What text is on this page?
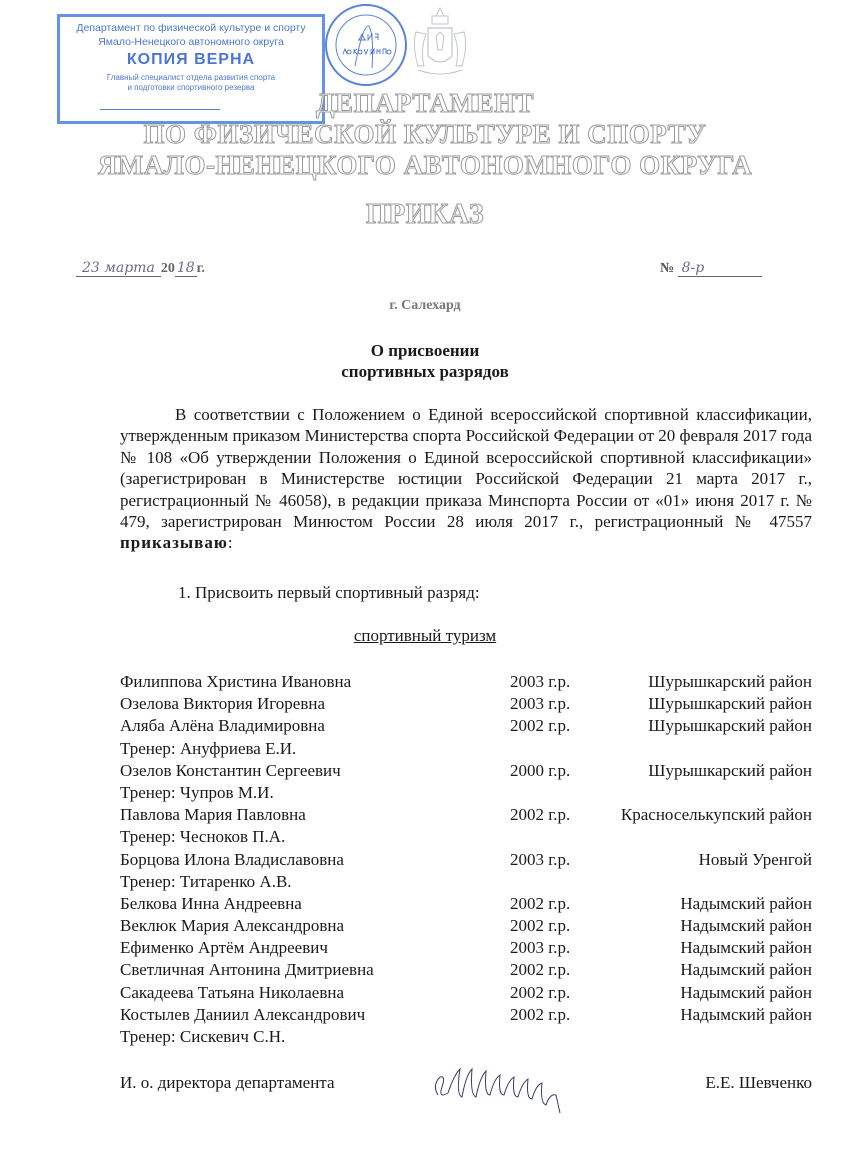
Департамент по физической культуре и спорту
Ямало-Ненецкого автономного округа
КОПИЯ ВЕРНА
Главный специалист отдела развития спорта
и подготовки спортивного резерва
ДЕПАРТАМЕНТ
ПО ФИЗИЧЕСКОЙ КУЛЬТУРЕ И СПОРТУ
ЯМАЛО-НЕНЕЦКОГО АВТОНОМНОГО ОКРУГА
ПРИКАЗ
23 марта 20 18 г.	№ 8-р
г. Салехард
О присвоении
спортивных разрядов
В соответствии с Положением о Единой всероссийской спортивной классификации, утвержденным приказом Министерства спорта Российской Федерации от 20 февраля 2017 года № 108 «Об утверждении Положения о Единой всероссийской спортивной классификации» (зарегистрирован в Министерстве юстиции Российской Федерации 21 марта 2017 г., регистрационный № 46058), в редакции приказа Минспорта России от «01» июня 2017 г. № 479, зарегистрирован Минюстом России 28 июля 2017 г., регистрационный № 47557 приказываю:
1. Присвоить первый спортивный разряд:
спортивный туризм
Филиппова Христина Ивановна	2003 г.р.	Шурышкарский район
Озелова Виктория Игоревна	2003 г.р.	Шурышкарский район
Аляба Алёна Владимировна	2002 г.р.	Шурышкарский район
Тренер: Ануфриева Е.И.
Озелов Константин Сергеевич	2000 г.р.	Шурышкарский район
Тренер: Чупров М.И.
Павлова Мария Павловна	2002 г.р.	Красноселькупский район
Тренер: Чесноков П.А.
Борцова Илона Владиславовна	2003 г.р.	Новый Уренгой
Тренер: Титаренко А.В.
Белкова Инна Андреевна	2002 г.р.	Надымский район
Веклюк Мария Александровна	2002 г.р.	Надымский район
Ефименко Артём Андреевич	2003 г.р.	Надымский район
Светличная Антонина Дмитриевна	2002 г.р.	Надымский район
Сакадеева Татьяна Николаевна	2002 г.р.	Надымский район
Костылев Даниил Александрович	2002 г.р.	Надымский район
Тренер: Сискевич С.Н.
И. о. директора департамента	Е.Е. Шевченко
